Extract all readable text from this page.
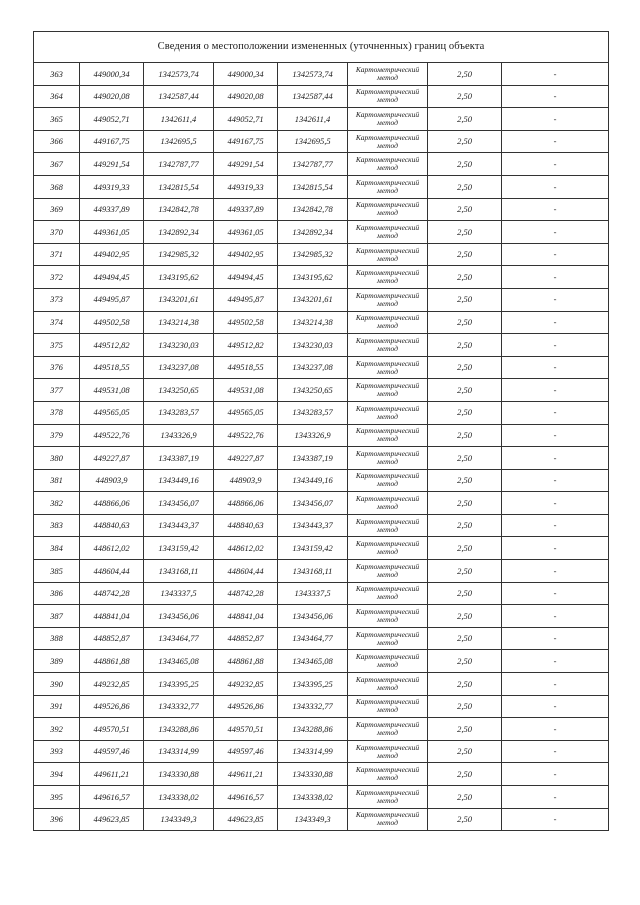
Сведения о местоположении измененных (уточненных) границ объекта							
363	449000,34	1342573,74	449000,34	1342573,74	Картометрический метод	2,50	-
364	449020,08	1342587,44	449020,08	1342587,44	Картометрический метод	2,50	-
365	449052,71	1342611,4	449052,71	1342611,4	Картометрический метод	2,50	-
366	449167,75	1342695,5	449167,75	1342695,5	Картометрический метод	2,50	-
367	449291,54	1342787,77	449291,54	1342787,77	Картометрический метод	2,50	-
368	449319,33	1342815,54	449319,33	1342815,54	Картометрический метод	2,50	-
369	449337,89	1342842,78	449337,89	1342842,78	Картометрический метод	2,50	-
370	449361,05	1342892,34	449361,05	1342892,34	Картометрический метод	2,50	-
371	449402,95	1342985,32	449402,95	1342985,32	Картометрический метод	2,50	-
372	449494,45	1343195,62	449494,45	1343195,62	Картометрический метод	2,50	-
373	449495,87	1343201,61	449495,87	1343201,61	Картометрический метод	2,50	-
374	449502,58	1343214,38	449502,58	1343214,38	Картометрический метод	2,50	-
375	449512,82	1343230,03	449512,82	1343230,03	Картометрический метод	2,50	-
376	449518,55	1343237,08	449518,55	1343237,08	Картометрический метод	2,50	-
377	449531,08	1343250,65	449531,08	1343250,65	Картометрический метод	2,50	-
378	449565,05	1343283,57	449565,05	1343283,57	Картометрический метод	2,50	-
379	449522,76	1343326,9	449522,76	1343326,9	Картометрический метод	2,50	-
380	449227,87	1343387,19	449227,87	1343387,19	Картометрический метод	2,50	-
381	448903,9	1343449,16	448903,9	1343449,16	Картометрический метод	2,50	-
382	448866,06	1343456,07	448866,06	1343456,07	Картометрический метод	2,50	-
383	448840,63	1343443,37	448840,63	1343443,37	Картометрический метод	2,50	-
384	448612,02	1343159,42	448612,02	1343159,42	Картометрический метод	2,50	-
385	448604,44	1343168,11	448604,44	1343168,11	Картометрический метод	2,50	-
386	448742,28	1343337,5	448742,28	1343337,5	Картометрический метод	2,50	-
387	448841,04	1343456,06	448841,04	1343456,06	Картометрический метод	2,50	-
388	448852,87	1343464,77	448852,87	1343464,77	Картометрический метод	2,50	-
389	448861,88	1343465,08	448861,88	1343465,08	Картометрический метод	2,50	-
390	449232,85	1343395,25	449232,85	1343395,25	Картометрический метод	2,50	-
391	449526,86	1343332,77	449526,86	1343332,77	Картометрический метод	2,50	-
392	449570,51	1343288,86	449570,51	1343288,86	Картометрический метод	2,50	-
393	449597,46	1343314,99	449597,46	1343314,99	Картометрический метод	2,50	-
394	449611,21	1343330,88	449611,21	1343330,88	Картометрический метод	2,50	-
395	449616,57	1343338,02	449616,57	1343338,02	Картометрический метод	2,50	-
396	449623,85	1343349,3	449623,85	1343349,3	Картометрический метод	2,50	-
